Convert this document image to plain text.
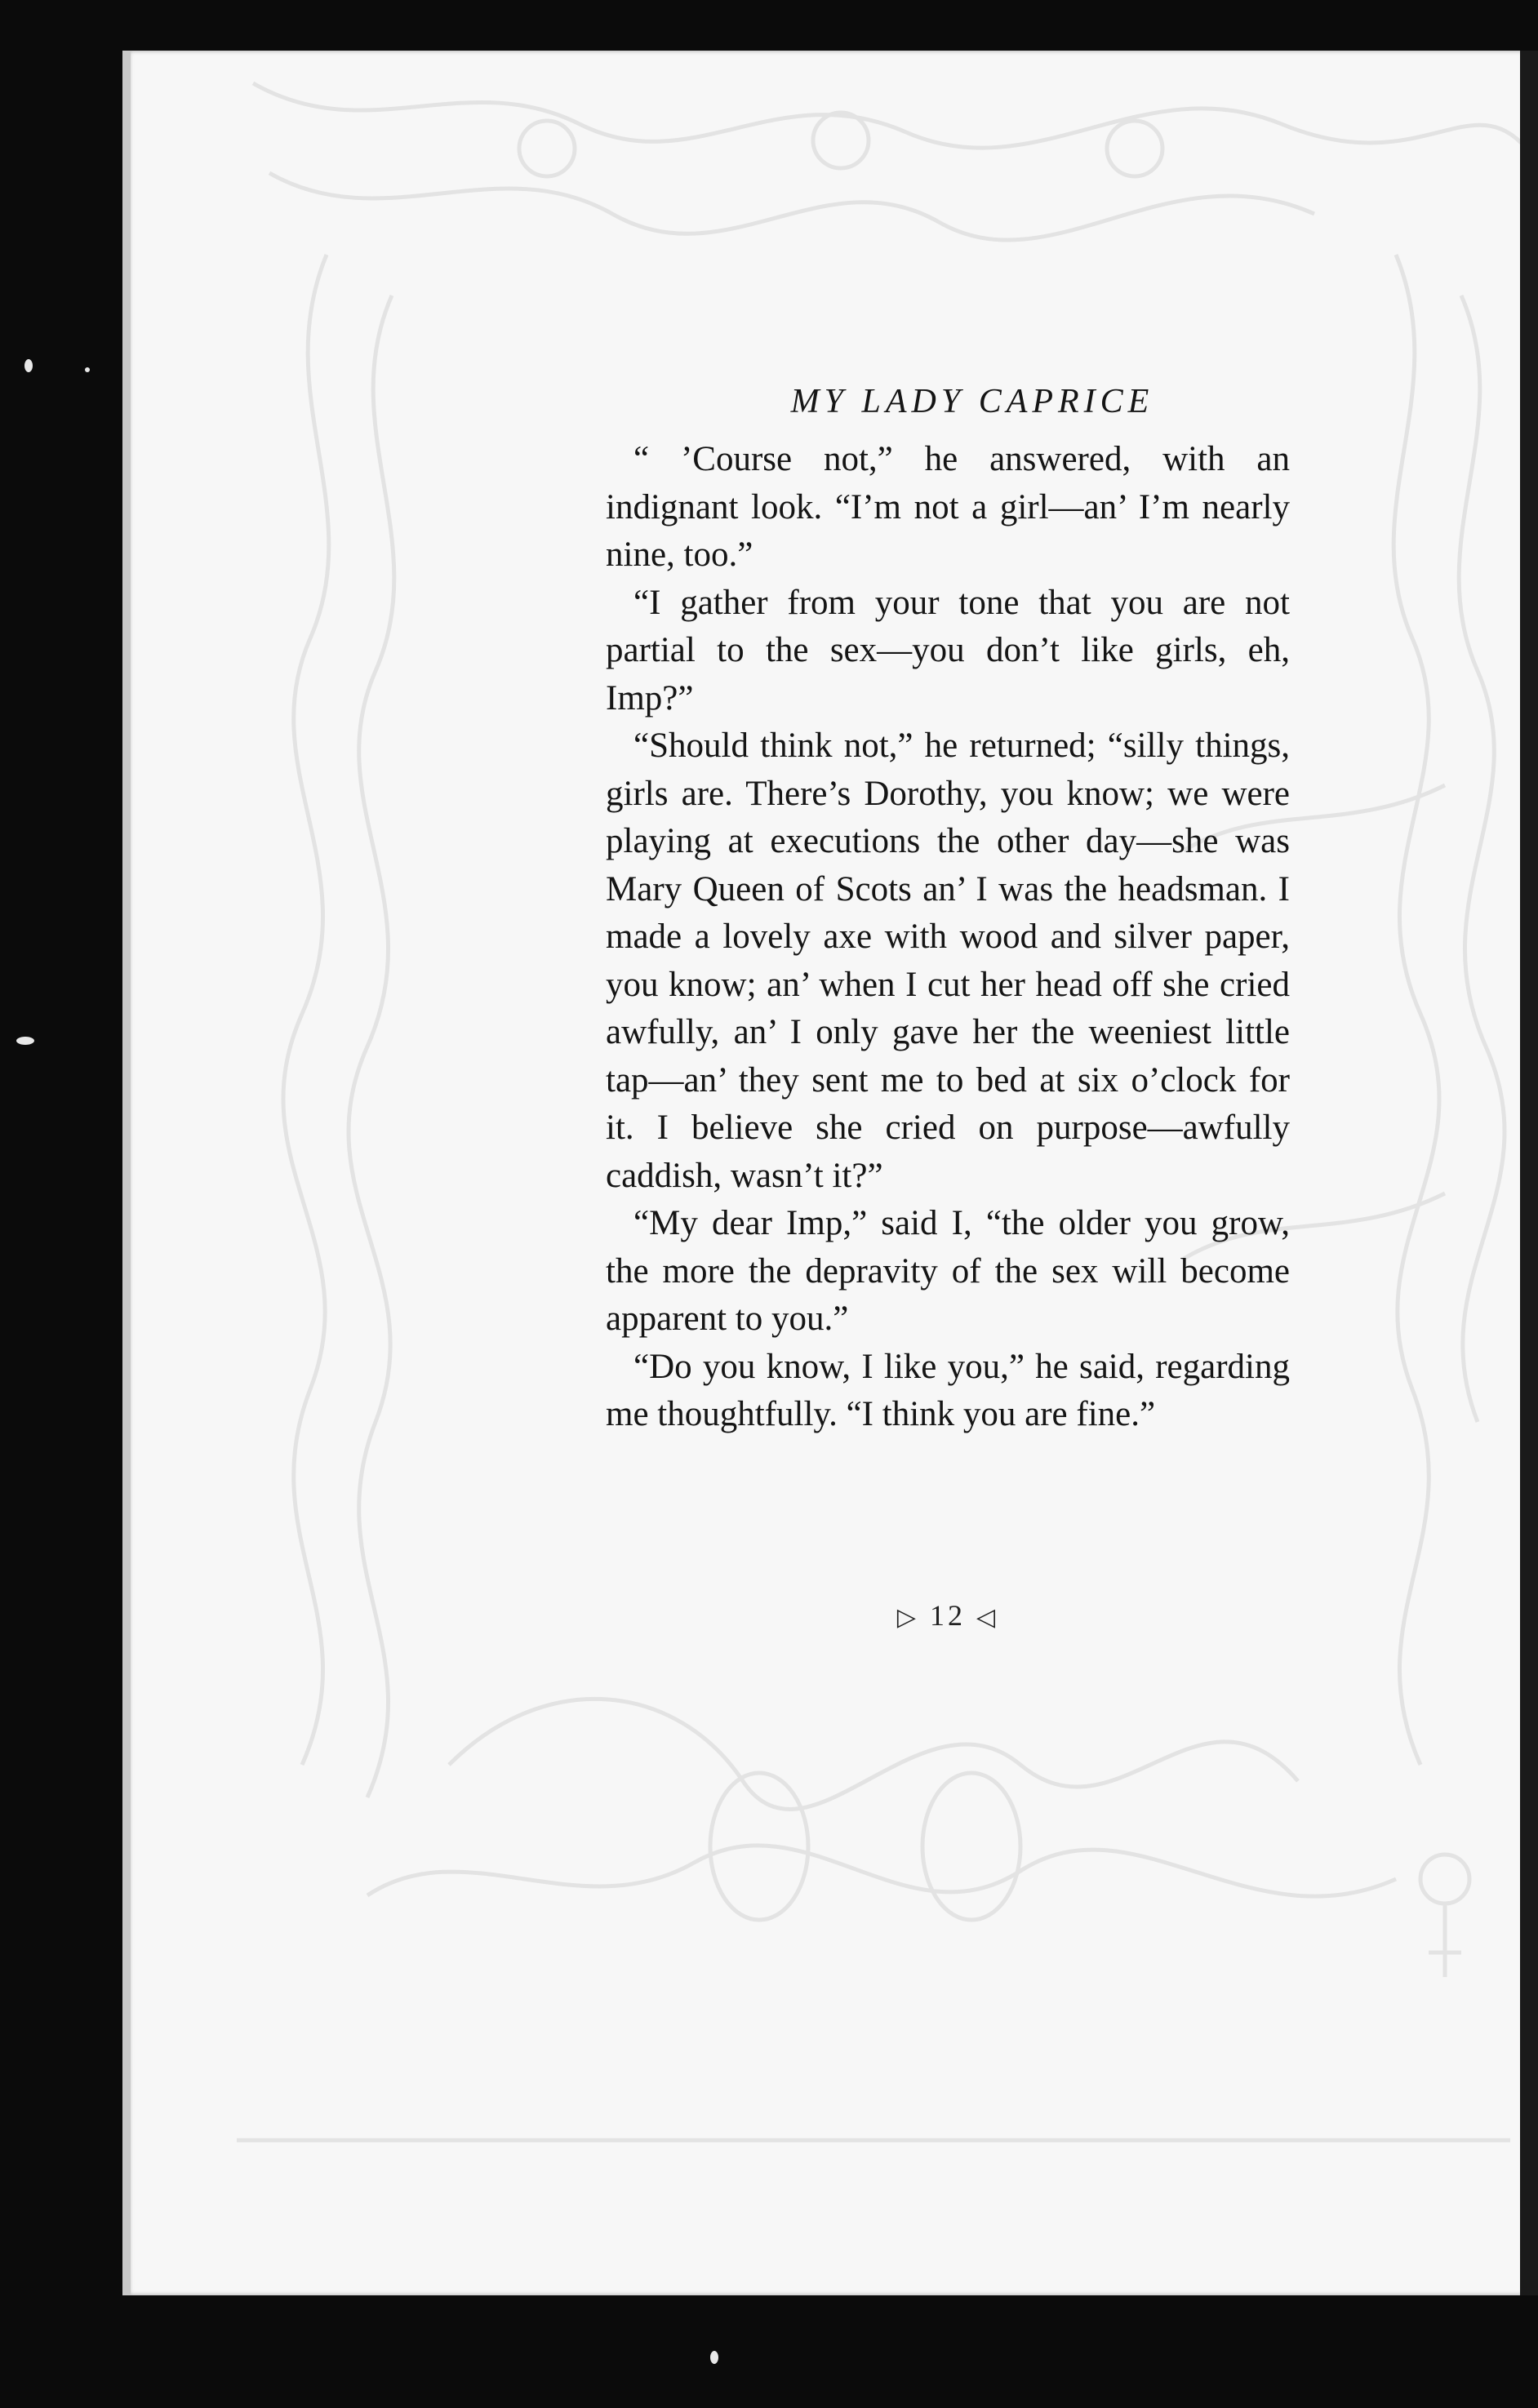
MY LADY CAPRICE

“ ’Course not,” he answered, with an indignant look. “I’m not a girl—an’ I’m nearly nine, too.”

“I gather from your tone that you are not partial to the sex—you don’t like girls, eh, Imp?”

“Should think not,” he returned; “silly things, girls are. There’s Dorothy, you know; we were playing at executions the other day—she was Mary Queen of Scots an’ I was the headsman. I made a lovely axe with wood and silver paper, you know; an’ when I cut her head off she cried awfully, an’ I only gave her the weeniest little tap—an’ they sent me to bed at six o’clock for it. I believe she cried on purpose—awfully caddish, wasn’t it?”

“My dear Imp,” said I, “the older you grow, the more the depravity of the sex will become apparent to you.”

“Do you know, I like you,” he said, regarding me thoughtfully. “I think you are fine.”

▷ 12 ◁
